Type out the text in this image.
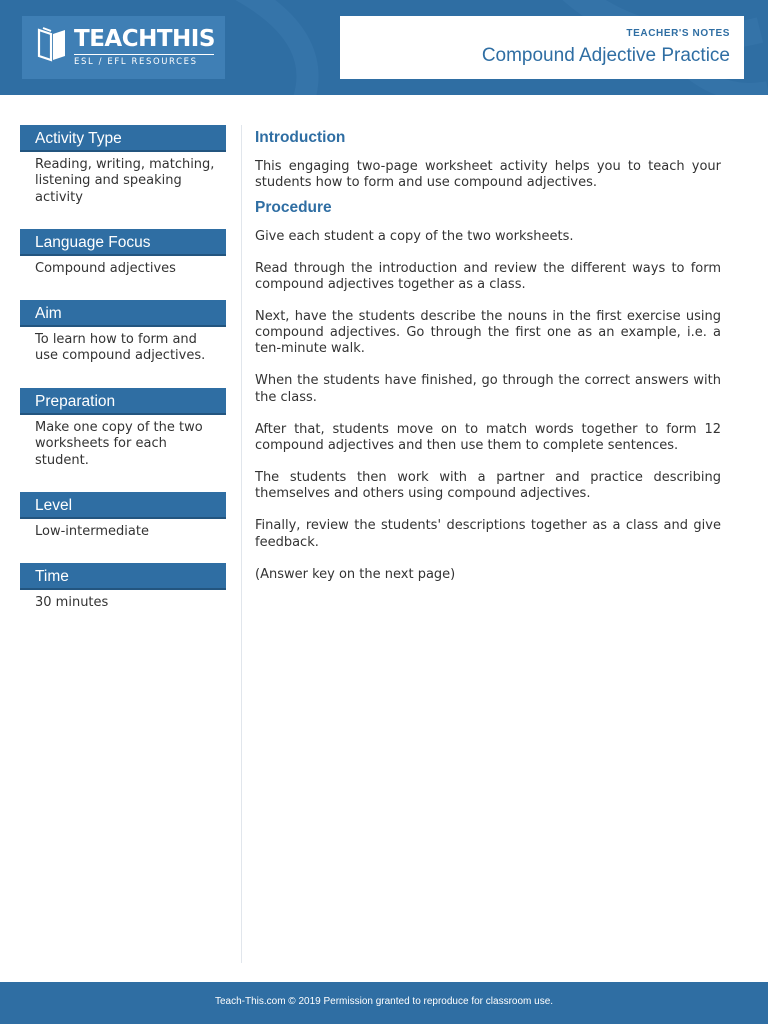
TEACHTHIS
ESL / EFL RESOURCES
TEACHER'S NOTES
Compound Adjective Practice
Activity Type
Reading, writing, matching, listening and speaking activity
Language Focus
Compound adjectives
Aim
To learn how to form and use compound adjectives.
Preparation
Make one copy of the two worksheets for each student.
Level
Low-intermediate
Time
30 minutes
Introduction

This engaging two-page worksheet activity helps you to teach your students how to form and use compound adjectives.

Procedure

Give each student a copy of the two worksheets.

Read through the introduction and review the different ways to form compound adjectives together as a class.

Next, have the students describe the nouns in the first exercise using compound adjectives. Go through the first one as an example, i.e. a ten-minute walk.

When the students have finished, go through the correct answers with the class.

After that, students move on to match words together to form 12 compound adjectives and then use them to complete sentences.

The students then work with a partner and practice describing themselves and others using compound adjectives.

Finally, review the students' descriptions together as a class and give feedback.

(Answer key on the next page)

Teach-This.com © 2019 Permission granted to reproduce for classroom use.
